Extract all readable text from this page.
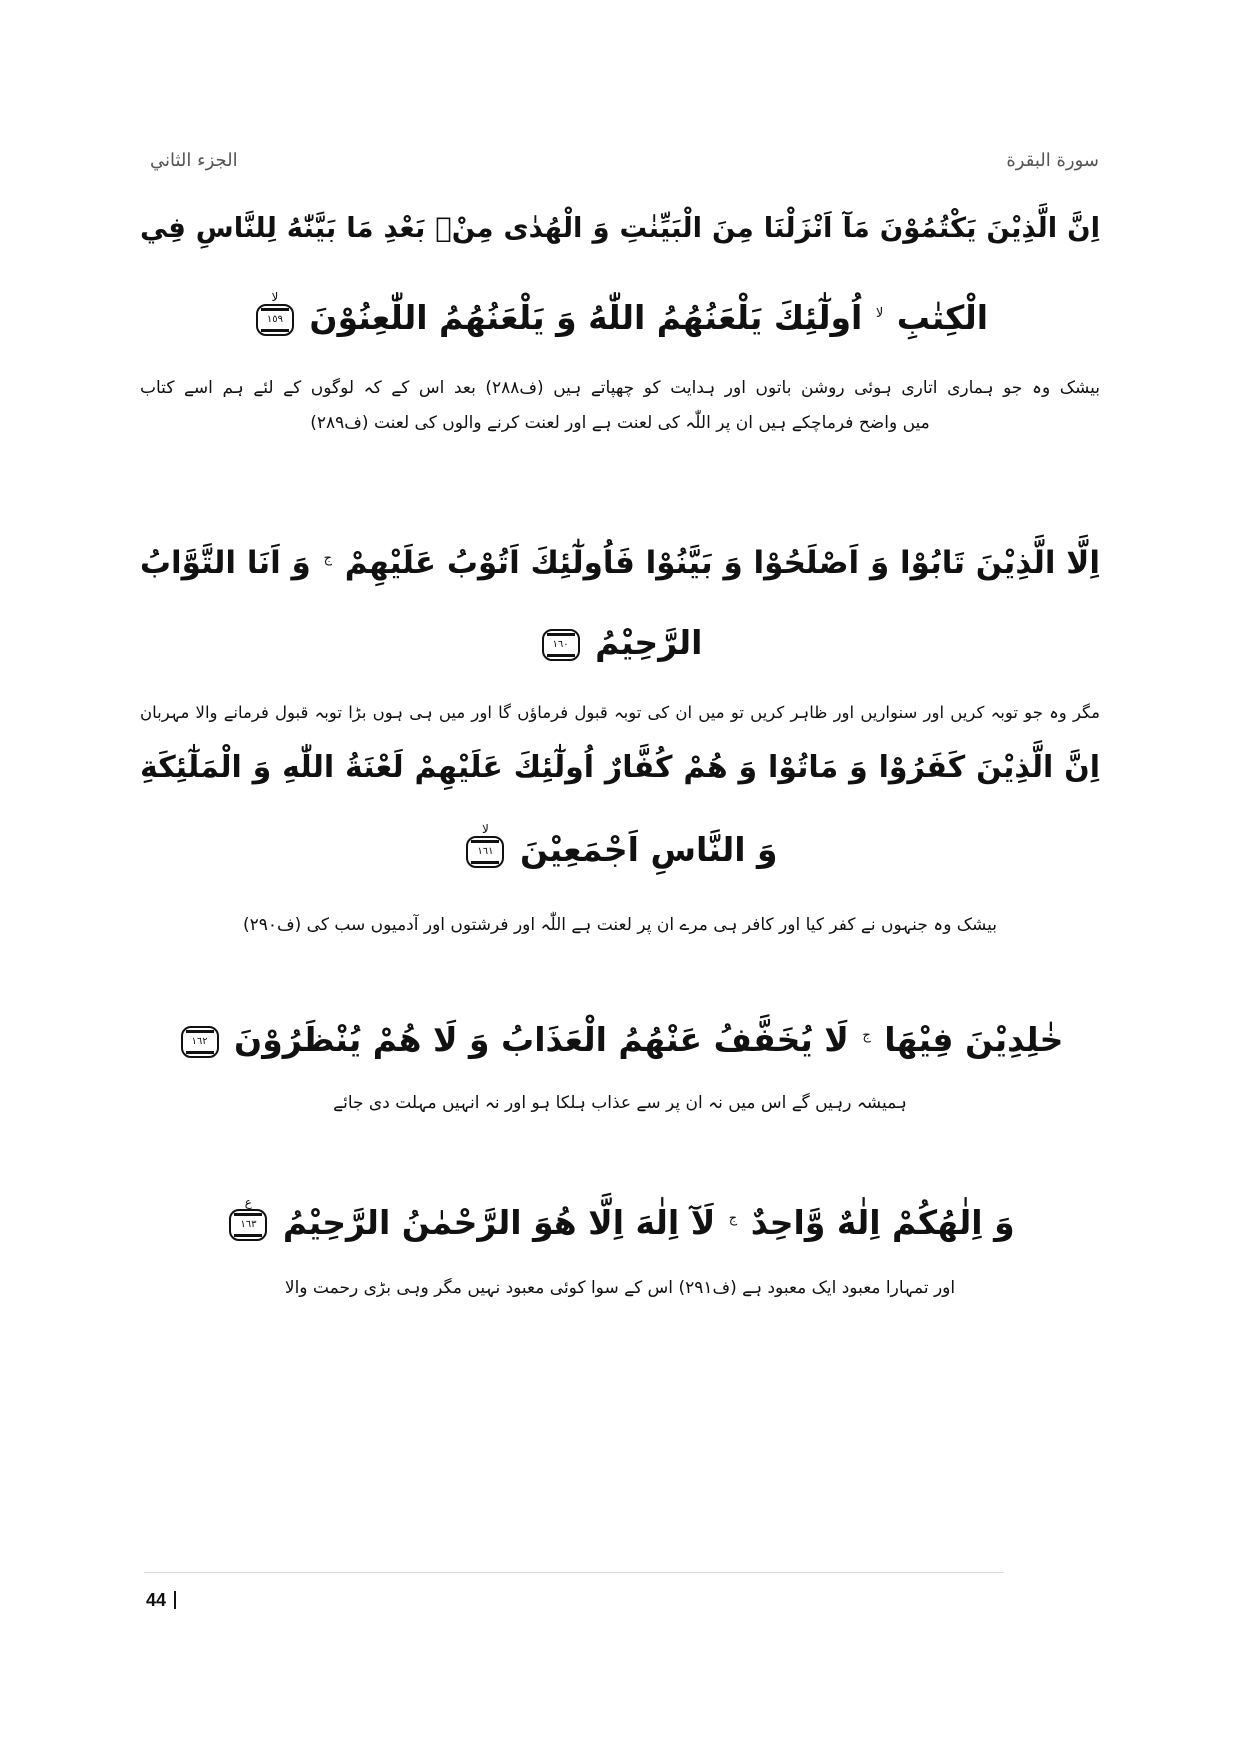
الجزء الثاني	سورة البقرة
اِنَّ الَّذِيْنَ يَكْتُمُوْنَ مَآ اَنْزَلْنَا مِنَ الْبَيِّنٰتِ وَ الْهُدٰى مِنْۢ بَعْدِ مَا بَيَّنّٰهُ لِلنَّاسِ فِي
الْكِتٰبِ $^{لا}$ اُولٰٓئِكَ يَلْعَنُهُمُ اللّٰهُ وَ يَلْعَنُهُمُ اللّٰعِنُوْنَ
لا
١٥٩
بیشک وہ جو ہماری اتاری ہوئی روشن باتوں اور ہدایت کو چھپاتے ہیں (ف۲۸۸) بعد اس کے کہ لوگوں کے لئے ہم اسے کتاب
میں واضح فرماچکے ہیں ان پر اللّٰہ کی لعنت ہے اور لعنت کرنے والوں کی لعنت (ف۲۸۹)
اِلَّا الَّذِيْنَ تَابُوْا وَ اَصْلَحُوْا وَ بَيَّنُوْا فَاُولٰٓئِكَ اَتُوْبُ عَلَيْهِمْ $^ج$ وَ اَنَا التَّوَّابُ
الرَّحِيْمُ
١٦٠
مگر وہ جو توبہ کریں اور سنواریں اور ظاہر کریں تو میں ان کی توبہ قبول فرماؤں گا اور میں ہی ہوں بڑا توبہ قبول فرمانے والا مہربان
اِنَّ الَّذِيْنَ كَفَرُوْا وَ مَاتُوْا وَ هُمْ كُفَّارٌ اُولٰٓئِكَ عَلَيْهِمْ لَعْنَةُ اللّٰهِ وَ الْمَلٰٓئِكَةِ
وَ النَّاسِ اَجْمَعِيْنَ
لا
١٦١
بیشک وہ جنہوں نے کفر کیا اور کافر ہی مرے ان پر لعنت ہے اللّٰہ اور فرشتوں اور آدمیوں سب کی (ف۲۹۰)
خٰلِدِيْنَ فِيْهَا $^ج$ لَا يُخَفَّفُ عَنْهُمُ الْعَذَابُ وَ لَا هُمْ يُنْظَرُوْنَ
١٦٢
ہمیشہ رہیں گے اس میں نہ ان پر سے عذاب ہلکا ہو اور نہ انہیں مہلت دی جائے
وَ اِلٰهُكُمْ اِلٰهٌ وَّاحِدٌ $^ج$ لَآ اِلٰهَ اِلَّا هُوَ الرَّحْمٰنُ الرَّحِيْمُ
ع
١٦٣
اور تمہارا معبود ایک معبود ہے (ف۲۹۱) اس کے سوا کوئی معبود نہیں مگر وہی بڑی رحمت والا
44
